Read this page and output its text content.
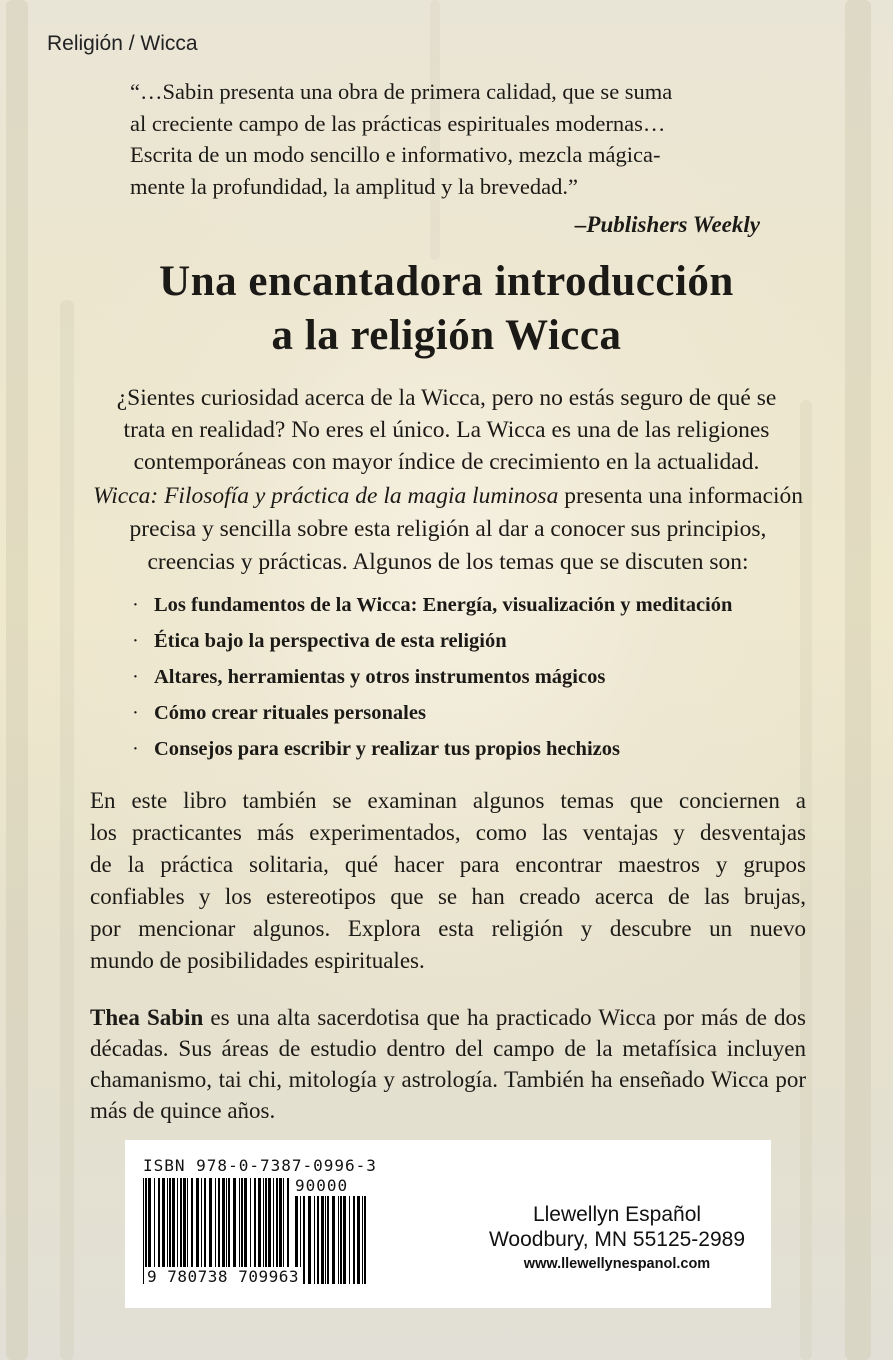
Religión / Wicca
“…Sabin presenta una obra de primera calidad, que se suma
al creciente campo de las prácticas espirituales modernas…
Escrita de un modo sencillo e informativo, mezcla mágica-
mente la profundidad, la amplitud y la brevedad.”
–Publishers Weekly
Una encantadora introducción
a la religión Wicca
¿Sientes curiosidad acerca de la Wicca, pero no estás seguro de qué se
trata en realidad? No eres el único. La Wicca es una de las religiones
contemporáneas con mayor índice de crecimiento en la actualidad.
Wicca: Filosofía y práctica de la magia luminosa presenta una información
precisa y sencilla sobre esta religión al dar a conocer sus principios,
creencias y prácticas. Algunos de los temas que se discuten son:
· Los fundamentos de la Wicca: Energía, visualización y meditación
· Ética bajo la perspectiva de esta religión
· Altares, herramientas y otros instrumentos mágicos
· Cómo crear rituales personales
· Consejos para escribir y realizar tus propios hechizos
En este libro también se examinan algunos temas que conciernen a
los practicantes más experimentados, como las ventajas y desventajas
de la práctica solitaria, qué hacer para encontrar maestros y grupos
confiables y los estereotipos que se han creado acerca de las brujas,
por mencionar algunos. Explora esta religión y descubre un nuevo
mundo de posibilidades espirituales.
Thea Sabin es una alta sacerdotisa que ha practicado Wicca por más de dos
décadas. Sus áreas de estudio dentro del campo de la metafísica incluyen
chamanismo, tai chi, mitología y astrología. También ha enseñado Wicca por
más de quince años.
ISBN 978-0-7387-0996-3
90000
9 780738 709963
Llewellyn Español
Woodbury, MN 55125-2989
www.llewellynespanol.com
